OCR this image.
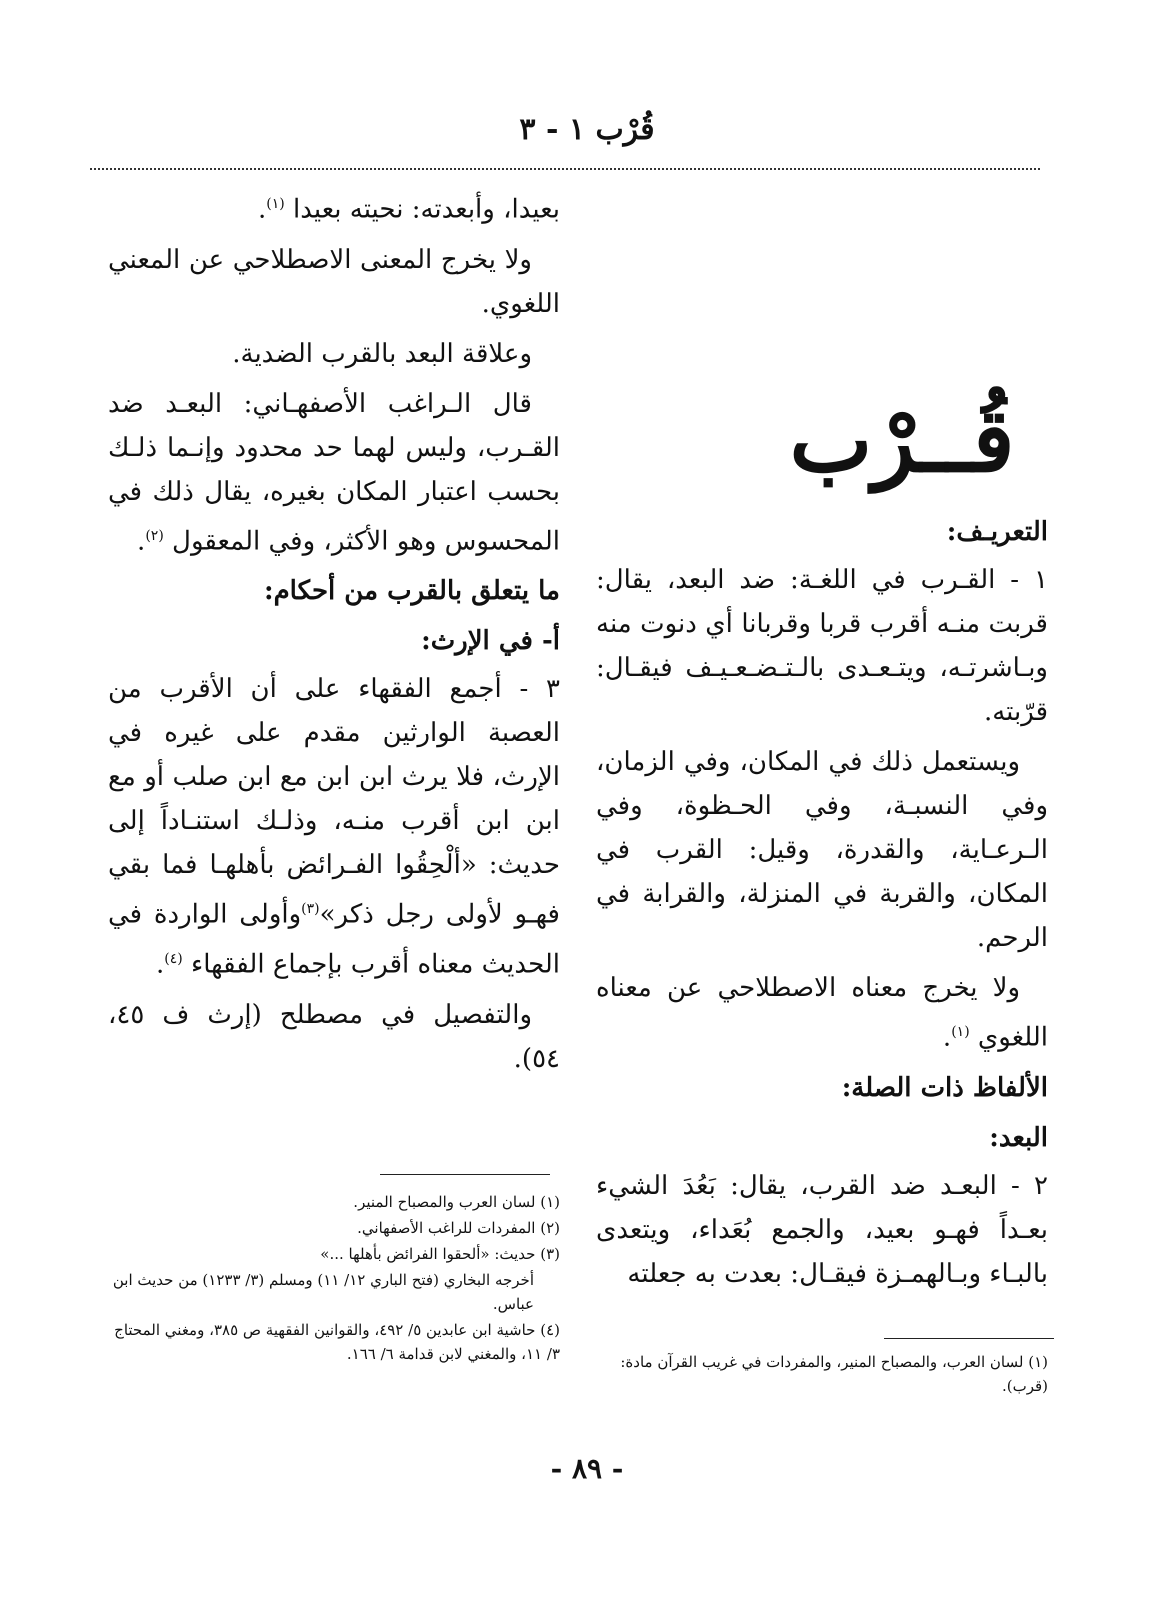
قُرْب ١ - ٣
قُــرْب
التعريـف:

١ - القـرب في اللغـة: ضد البعد، يقال: قربت منـه أقرب قربا وقربانا أي دنوت منه وبـاشرتـه، ويتـعـدى بالـتـضـعـيـف فيقـال: قرّبته.

ويستعمل ذلك في المكان، وفي الزمان، وفي النسبـة، وفي الحـظوة، وفي الـرعـاية، والقدرة، وقيل: القرب في المكان، والقربة في المنزلة، والقرابة في الرحم.

ولا يخرج معناه الاصطلاحي عن معناه اللغوي $^{(١)}$.

الألفاظ ذات الصلة:
البعد:

٢ - البعـد ضد القرب، يقال: بَعُدَ الشيء بعـداً فهـو بعيد، والجمع بُعَداء، ويتعدى بالبـاء وبـالهمـزة فيقـال: بعدت به جعلته

بعيدا، وأبعدته: نحيته بعيدا $^{(١)}$.

ولا يخرج المعنى الاصطلاحي عن المعني اللغوي.

وعلاقة البعد بالقرب الضدية.

قال الـراغب الأصفهـاني: البعـد ضد القـرب، وليس لهما حد محدود وإنـما ذلـك بحسب اعتبار المكان بغيره، يقال ذلك في المحسوس وهو الأكثر، وفي المعقول $^{(٢)}$.

ما يتعلق بالقرب من أحكام:
أ- في الإرث:

٣ - أجمع الفقهاء على أن الأقرب من العصبة الوارثين مقدم على غيره في الإرث، فلا يرث ابن ابن مع ابن صلب أو مع ابن ابن أقرب منـه، وذلـك استنـاداً إلى حديث: «ألْحِقُوا الفـرائض بأهلهـا فما بقي فهـو لأولى رجل ذكر»$^{(٣)}$وأولى الواردة في الحديث معناه أقرب بإجماع الفقهاء $^{(٤)}$.

والتفصيل في مصطلح (إرث ف ٤٥، ٥٤).

(١) لسان العرب، والمصباح المنير، والمفردات في غريب القرآن مادة: (قرب).

(١) لسان العرب والمصباح المنير.

(٢) المفردات للراغب الأصفهاني.

(٣) حديث: «ألحقوا الفرائض بأهلها ...»

أخرجه البخاري (فتح الباري ١٢/ ١١) ومسلم (٣/ ١٢٣٣) من حديث ابن عباس.

(٤) حاشية ابن عابدين ٥/ ٤٩٢، والقوانين الفقهية ص ٣٨٥، ومغني المحتاج ٣/ ١١، والمغني لابن قدامة ٦/ ١٦٦.

- ٨٩ -
